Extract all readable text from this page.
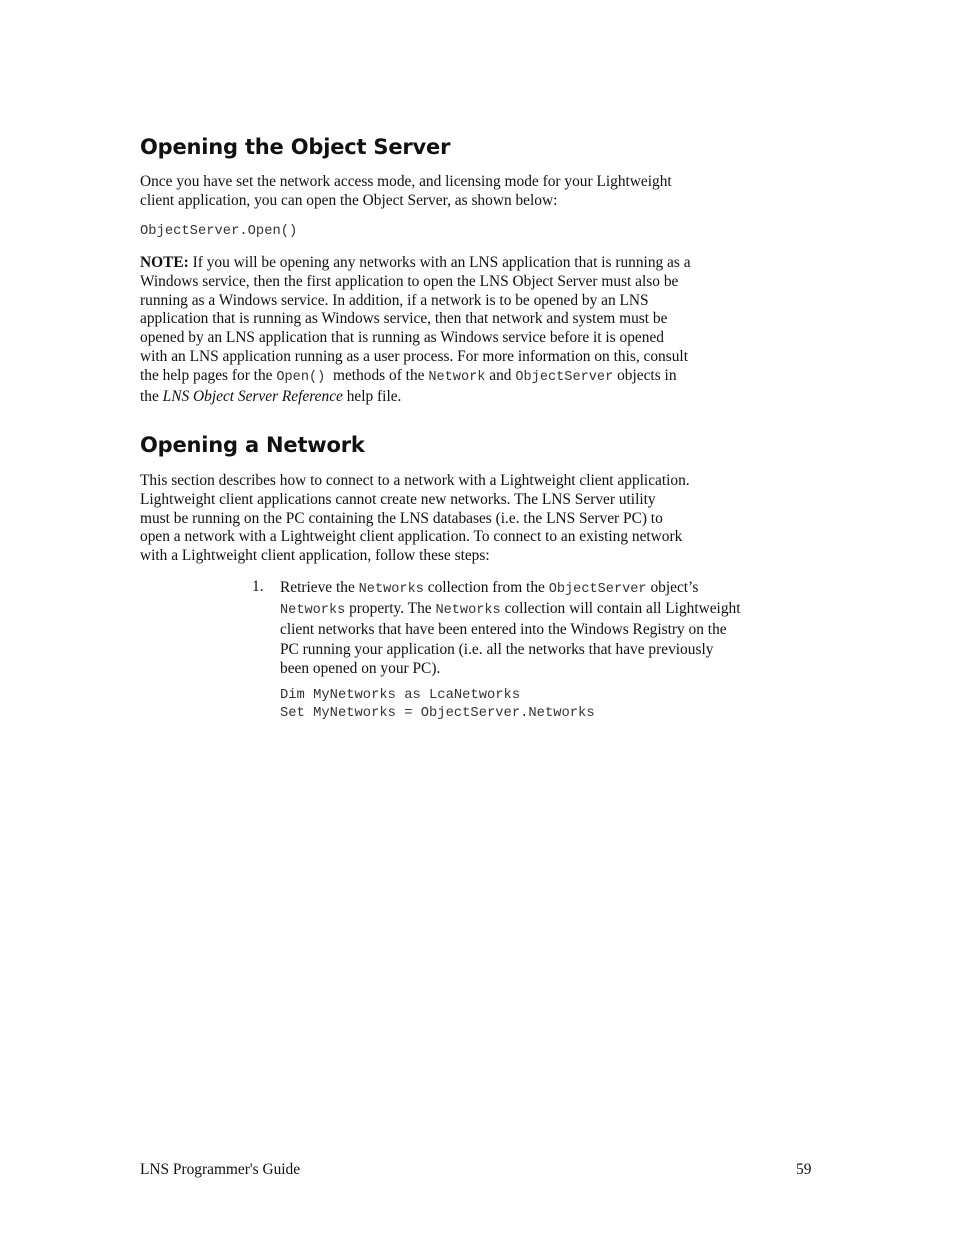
Opening the Object Server

Once you have set the network access mode, and licensing mode for your Lightweight
client application, you can open the Object Server, as shown below:

ObjectServer.Open()

NOTE: If you will be opening any networks with an LNS application that is running as a
Windows service, then the first application to open the LNS Object Server must also be
running as a Windows service. In addition, if a network is to be opened by an LNS
application that is running as Windows service, then that network and system must be
opened by an LNS application that is running as Windows service before it is opened
with an LNS application running as a user process. For more information on this, consult
the help pages for the Open()  methods of the Network and ObjectServer objects in
the LNS Object Server Reference help file.

Opening a Network

This section describes how to connect to a network with a Lightweight client application.
Lightweight client applications cannot create new networks. The LNS Server utility
must be running on the PC containing the LNS databases (i.e. the LNS Server PC) to
open a network with a Lightweight client application. To connect to an existing network
with a Lightweight client application, follow these steps:

1. Retrieve the Networks collection from the ObjectServer object’s
Networks property. The Networks collection will contain all Lightweight
client networks that have been entered into the Windows Registry on the
PC running your application (i.e. all the networks that have previously
been opened on your PC).

Dim MyNetworks as LcaNetworks
Set MyNetworks = ObjectServer.Networks
LNS Programmer's Guide	59
